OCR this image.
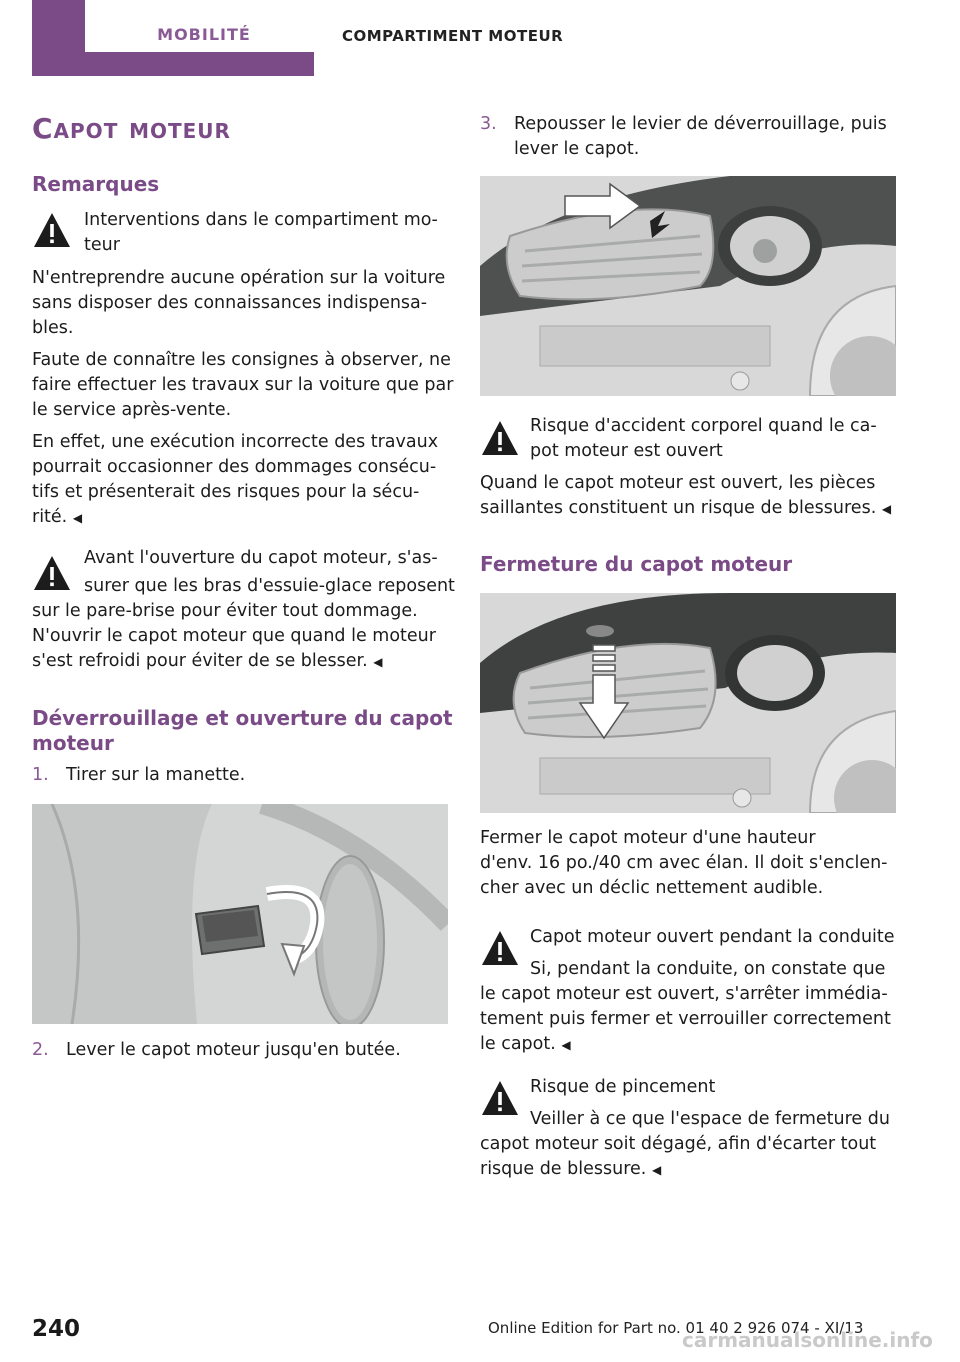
MOBILITÉ	COMPARTIMENT MOTEUR
Capot moteur
Remarques
Interventions dans le compartiment mo‐
teur
N'entreprendre aucune opération sur la voiture
sans disposer des connaissances indispensa‐
bles.
Faute de connaître les consignes à observer, ne
faire effectuer les travaux sur la voiture que par
le service après-vente.
En effet, une exécution incorrecte des travaux
pourrait occasionner des dommages consécu‐
tifs et présenterait des risques pour la sécu‐
rité. ◀
Avant l'ouverture du capot moteur, s'as‐
surer que les bras d'essuie-glace reposent
sur le pare-brise pour éviter tout dommage.
N'ouvrir le capot moteur que quand le moteur
s'est refroidi pour éviter de se blesser. ◀
Déverrouillage et ouverture du capot
moteur
1. Tirer sur la manette.
2. Lever le capot moteur jusqu'en butée.
3. Repousser le levier de déverrouillage, puis
lever le capot.
Risque d'accident corporel quand le ca‐
pot moteur est ouvert
Quand le capot moteur est ouvert, les pièces
saillantes constituent un risque de blessures. ◀
Fermeture du capot moteur
Fermer le capot moteur d'une hauteur
d'env. 16 po./40 cm avec élan. Il doit s'enclen‐
cher avec un déclic nettement audible.
Capot moteur ouvert pendant la conduite
Si, pendant la conduite, on constate que
le capot moteur est ouvert, s'arrêter immédia‐
tement puis fermer et verrouiller correctement
le capot. ◀
Risque de pincement
Veiller à ce que l'espace de fermeture du
capot moteur soit dégagé, afin d'écarter tout
risque de blessure. ◀
240	Online Edition for Part no. 01 40 2 926 074 - XI/13
carmanualsonline.info
